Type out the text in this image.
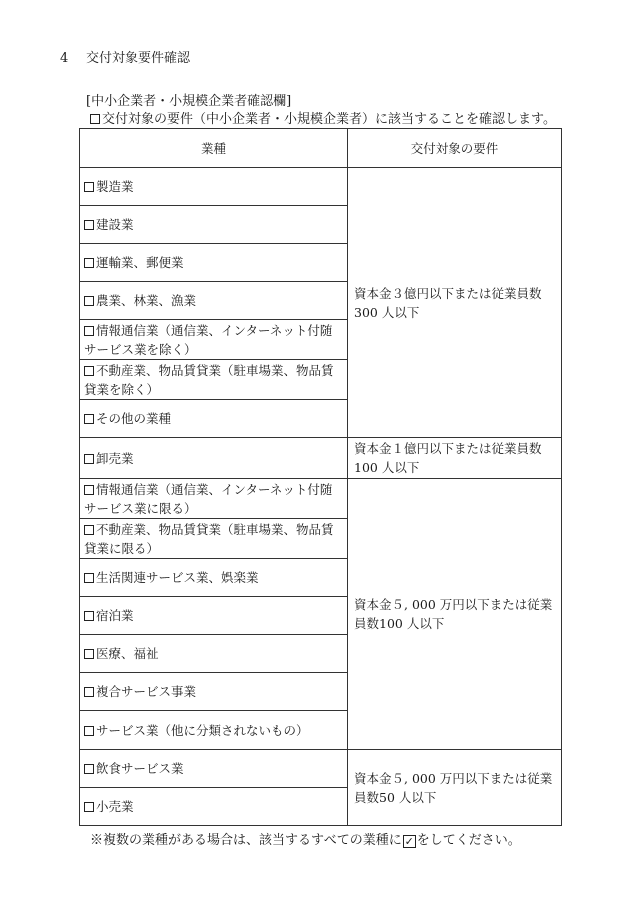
4 交付対象要件確認
[中小企業者・小規模企業者確認欄]
交付対象の要件（中小企業者・小規模企業者）に該当することを確認します。
業種	交付対象の要件
製造業	資本金３億円以下または従業員数300 人以下
建設業	
運輸業、郵便業	
農業、林業、漁業	
情報通信業（通信業、インターネット付随サービス業を除く）	
不動産業、物品賃貸業（駐車場業、物品賃貸業を除く）	
その他の業種	
卸売業	資本金１億円以下または従業員数100 人以下
情報通信業（通信業、インターネット付随サービス業に限る）	資本金５, 000 万円以下または従業員数100 人以下
不動産業、物品賃貸業（駐車場業、物品賃貸業に限る）	
生活関連サービス業、娯楽業	
宿泊業	
医療、福祉	
複合サービス事業	
サービス業（他に分類されないもの）	
飲食サービス業	資本金５, 000 万円以下または従業員数50 人以下
小売業	
※複数の業種がある場合は、該当するすべての業種に ✓ をしてください。
